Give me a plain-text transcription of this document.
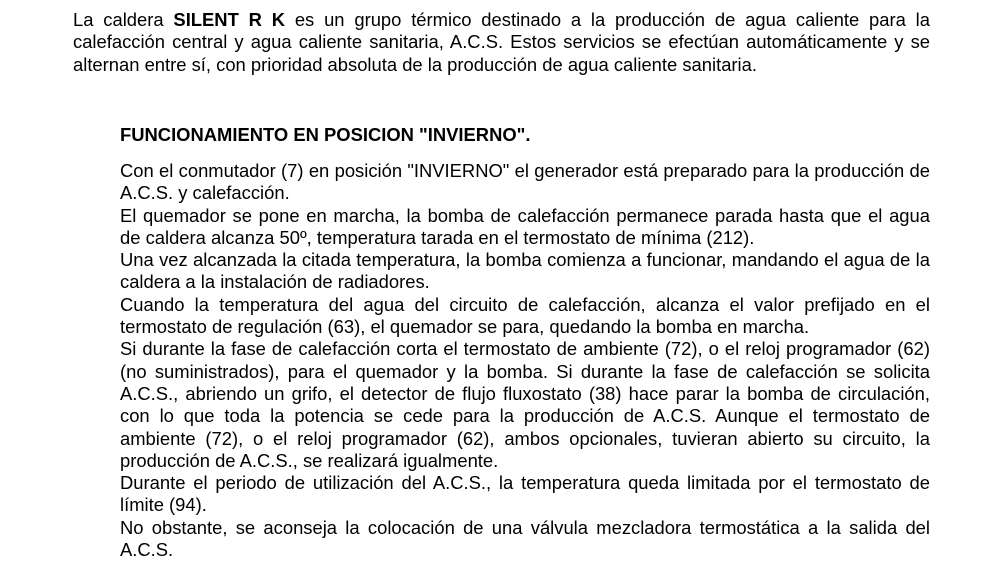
La caldera SILENT R K es un grupo térmico destinado a la producción de agua caliente para la calefacción central y agua caliente sanitaria, A.C.S. Estos servicios se efectúan automáticamente y se alternan entre sí, con prioridad absoluta de la producción de agua caliente sanitaria.

FUNCIONAMIENTO EN POSICION "INVIERNO".

Con el conmutador (7) en posición "INVIERNO" el generador está preparado para la producción de A.C.S. y calefacción.

El quemador se pone en marcha, la bomba de calefacción permanece parada hasta que el agua de caldera alcanza 50º, temperatura tarada en el termostato de mínima (212).

Una vez alcanzada la citada temperatura, la bomba comienza a funcionar, mandando el agua de la caldera a la instalación de radiadores.

Cuando la temperatura del agua del circuito de calefacción, alcanza el valor prefijado en el termostato de regulación (63), el quemador se para, quedando la bomba en marcha.

Si durante la fase de calefacción corta el termostato de ambiente (72), o el reloj programador (62)(no suministrados), para el quemador y la bomba. Si durante la fase de calefacción se solicita A.C.S., abriendo un grifo, el detector de flujo fluxostato (38) hace parar la bomba de circulación, con lo que toda la potencia se cede para la producción de A.C.S. Aunque el termostato de ambiente (72), o el reloj programador (62), ambos opcionales, tuvieran abierto su circuito, la producción de A.C.S., se realizará igualmente.

Durante el periodo de utilización del A.C.S., la temperatura queda limitada por el termostato de límite (94).

No obstante, se aconseja la colocación de una válvula mezcladora termostática a la salida del A.C.S.
